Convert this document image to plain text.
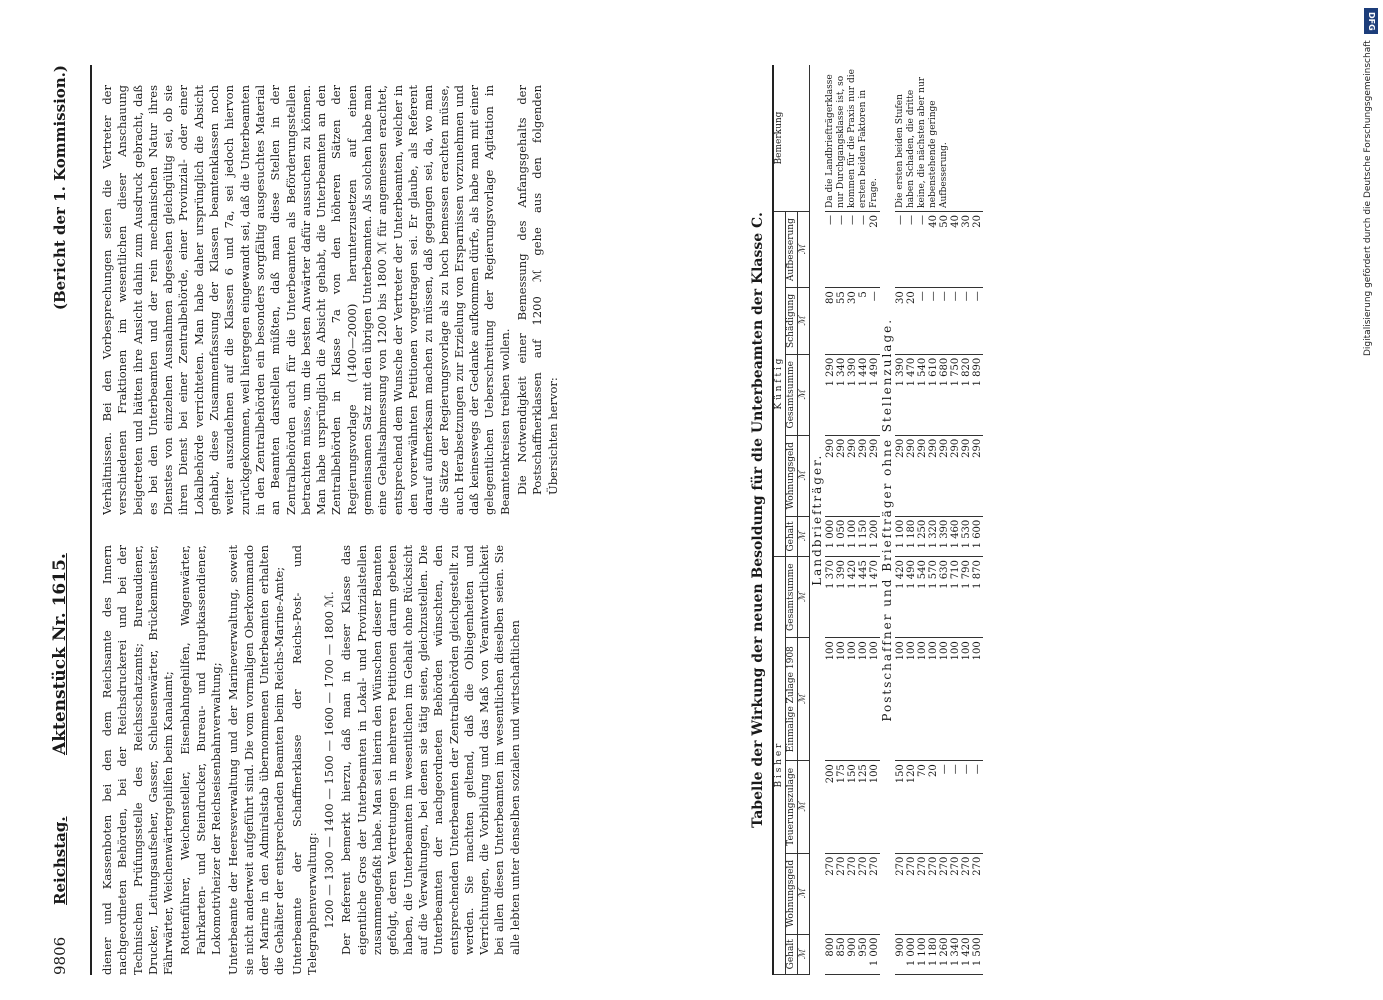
DFG
Digitalisierung gefördert durch die Deutsche Forschungsgemeinschaft
9806
Reichstag.
Aktenstück Nr. 1615.
(Bericht der 1. Kommission.)

diener und Kassenboten bei den dem Reichsamte des Innern nachgeordneten Behörden, bei der Reichsdruckerei und bei der Technischen Prüfungsstelle des Reichsschatzamts; Bureaudiener, Drucker, Leitungsaufseher, Gasser, Schleusenwärter, Brückenmeister, Fährwärter, Weichenwärtergehilfen beim Kanalamt; Rottenführer, Weichensteller, Eisenbahngehilfen, Wagenwärter, Fahrkarten- und Steindrucker, Bureau- und Hauptkassendiener, Lokomotivheizer der Reichseisenbahnverwaltung; Unterbeamte der Heeresverwaltung und der Marineverwaltung, soweit sie nicht anderweit aufgeführt sind. Die vom vormaligen Oberkommando der Marine in den Admiralstab übernommenen Unterbeamten erhalten die Gehälter der entsprechenden Beamten beim Reichs-Marine-Amte; Unterbeamte der Schaffnerklasse der Reichs-Post- und Telegraphenverwaltung: 1200 — 1300 — 1400 — 1500 — 1600 — 1700 — 1800 ℳ. Der Referent bemerkt hierzu, daß man in dieser Klasse das eigentliche Gros der Unterbeamten in Lokal- und Provinzialstellen zusammengefaßt habe. Man sei hierin den Wünschen dieser Beamten gefolgt, deren Vertretungen in mehreren Petitionen darum gebeten haben, die Unterbeamten im wesentlichen im Gehalt ohne Rücksicht auf die Verwaltungen, bei denen sie tätig seien, gleichzustellen. Die Unterbeamten der nachgeordneten Behörden wünschten, den entsprechenden Unterbeamten der Zentralbehörden gleichgestellt zu werden. Sie machten geltend, daß die Obliegenheiten und Verrichtungen, die Vorbildung und das Maß von Verantwortlichkeit bei allen diesen Unterbeamten im wesentlichen dieselben seien. Sie alle lebten unter denselben sozialen und wirtschaftlichen

Verhältnissen. Bei den Vorbesprechungen seien die Vertreter der verschiedenen Fraktionen im wesentlichen dieser Anschauung beigetreten und hätten ihre Ansicht dahin zum Ausdruck gebracht, daß es bei den Unterbeamten und der rein mechanischen Natur ihres Dienstes von einzelnen Ausnahmen abgesehen gleichgültig sei, ob sie ihren Dienst bei einer Zentralbehörde, einer Provinzial- oder einer Lokalbehörde verrichteten. Man habe daher ursprünglich die Absicht gehabt, diese Zusammenfassung der Klassen beamtenklassen noch weiter auszudehnen auf die Klassen 6 und 7a, sei jedoch hiervon zurückgekommen, weil hiergegen eingewandt sei, daß die Unterbeamten in den Zentralbehörden ein besonders sorgfältig ausgesuchtes Material an Beamten darstellen müßten, daß man diese Stellen in der Zentralbehörden auch für die Unterbeamten als Beförderungsstellen betrachten müsse, um die besten Anwärter dafür aussuchen zu können. Man habe ursprünglich die Absicht gehabt, die Unterbeamten an den Zentralbehörden in Klasse 7a von den höheren Sätzen der Regierungsvorlage (1400—2000) herunterzusetzen auf einen gemeinsamen Satz mit den übrigen Unterbeamten. Als solchen habe man eine Gehaltsabmessung von 1200 bis 1800 ℳ für angemessen erachtet, entsprechend dem Wunsche der Vertreter der Unterbeamten, welcher in den vorerwähnten Petitionen vorgetragen sei. Er glaube, als Referent darauf aufmerksam machen zu müssen, daß gegangen sei, da, wo man die Sätze der Regierungsvorlage als zu hoch bemessen erachten müsse, auch Herabsetzungen zur Erzielung von Ersparnissen vorzunehmen und daß keineswegs der Gedanke aufkommen dürfe, als habe man mit einer gelegentlichen Ueberschreitung der Regierungsvorlage Agitation in Beamtenkreisen treiben wollen. Die Notwendigkeit einer Bemessung des Anfangsgehalts der Postschaffnerklassen auf 1200 ℳ gehe aus den folgenden Übersichten hervor:	Tabelle der Wirkung der neuen Besoldung für die Unterbeamten der Klasse C. B i s h e r					K ü n f t i g					Bemerkung
Gehalt	Wohnungsgeld	Teuerungszulage	Einmalige Zulage 1908	Gesamtsumme	Gehalt	Wohnungsgeld	Gesamtsumme	Schädigung	Aufbesserung	
ℳ	ℳ	ℳ	ℳ	ℳ	ℳ	ℳ	ℳ	ℳ	ℳ	
Landbriefträger.										
800	270	200	100	1 370	1 000	290	1 290	80	—	Da die Landbriefträgerklasse nur Durchgangsklasse ist, so kommen für die Praxis nur die ersten beiden Faktoren in Frage.
850	270	175	100	1 390	1 050	290	1 340	55	—	
900	270	150	100	1 420	1 100	290	1 390	30	—	
950	270	125	100	1 445	1 150	290	1 440	5	—	
1 000	270	100	100	1 470	1 200	290	1 490	—	20	
Postschaffner und Briefträger ohne Stellenzulage.										
900	270	150	100	1 420	1 100	290	1 390	30	—	Die ersten beiden Stufen haben Schaden, die dritte keine, die nächsten aber nur nebenstehende geringe Aufbesserung.
1 000	270	120	100	1 490	1 180	290	1 470	20	—	
1 100	270	70	100	1 540	1 250	290	1 540	—	—	
1 180	270	20	100	1 570	1 320	290	1 610	—	40	
1 260	270	—	100	1 630	1 390	290	1 680	—	50	
1 340	270	—	100	1 710	1 460	290	1 750	—	40	
1 420	270	—	100	1 790	1 530	290	1 820	—	30	
1 500	270	—	100	1 870	1 600	290	1 890	—	20	
